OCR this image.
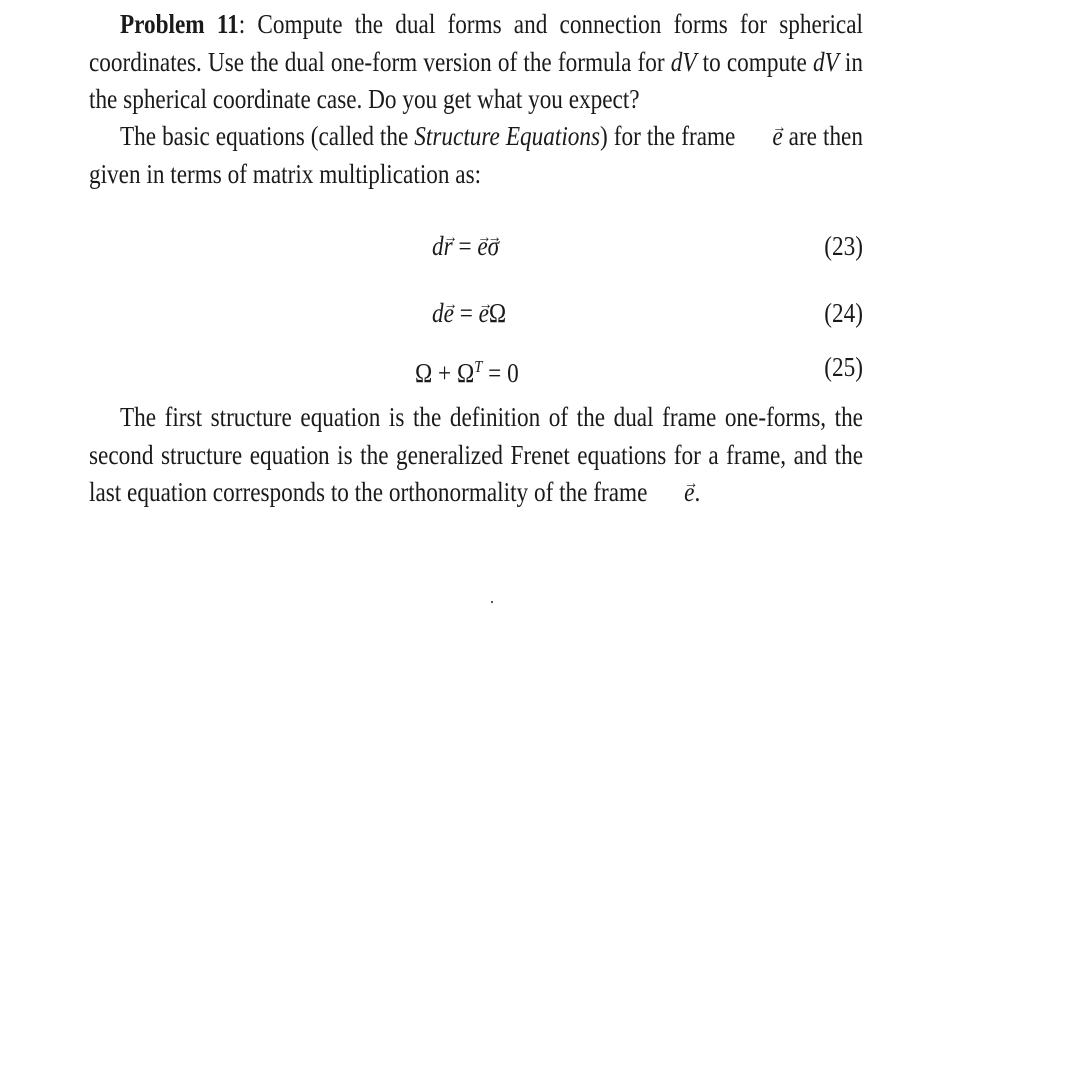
Problem 11: Compute the dual forms and connection forms for spherical coordinates. Use the dual one-form version of the formula for dV to compute dV in the spherical coordinate case. Do you get what you expect?

The basic equations (called the Structure Equations) for the frame e → are then given in terms of matrix multiplication as:

dr → = e →σ →	(23)
de → = e →Ω	(24)
$\Omega + \Omega^T = 0$	(25)

The first structure equation is the definition of the dual frame one-forms, the second structure equation is the generalized Frenet equations for a frame, and the last equation corresponds to the orthonormality of the frame e →.
